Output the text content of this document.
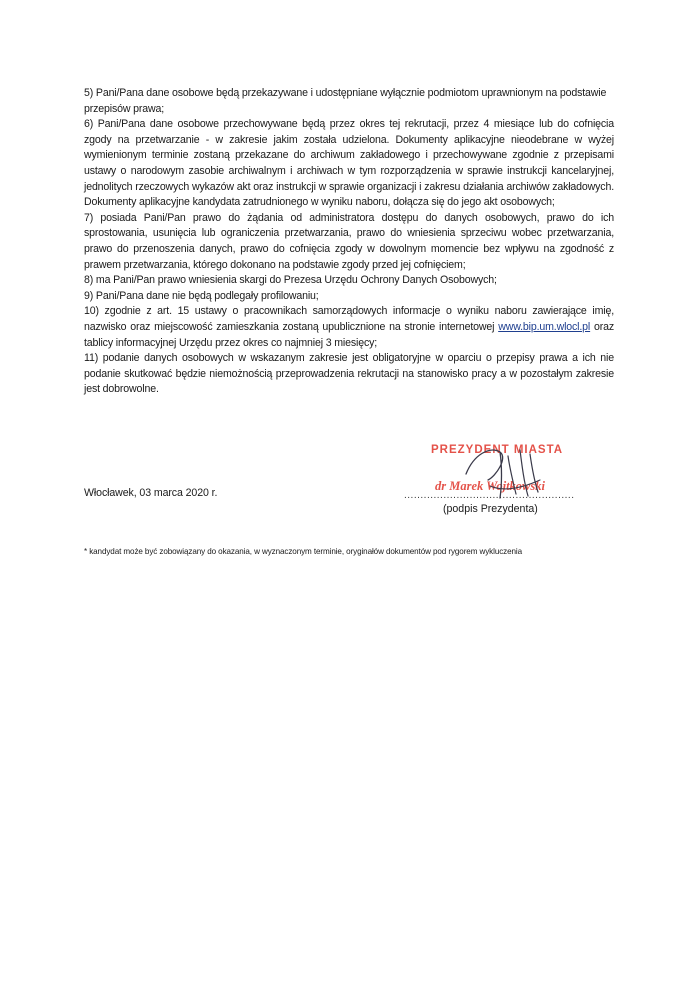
5) Pani/Pana dane osobowe będą przekazywane i udostępniane wyłącznie podmiotom uprawnionym na podstawie przepisów prawa;

6) Pani/Pana dane osobowe przechowywane będą przez okres tej rekrutacji, przez 4 miesiące lub do cofnięcia zgody na przetwarzanie - w zakresie jakim została udzielona. Dokumenty aplikacyjne nieodebrane w wyżej wymienionym terminie zostaną przekazane do archiwum zakładowego i przechowywane zgodnie z przepisami ustawy o narodowym zasobie archiwalnym i archiwach w tym rozporządzenia w sprawie instrukcji kancelaryjnej, jednolitych rzeczowych wykazów akt oraz instrukcji w sprawie organizacji i zakresu działania archiwów zakładowych. Dokumenty aplikacyjne kandydata zatrudnionego w wyniku naboru, dołącza się do jego akt osobowych;

7) posiada Pani/Pan prawo do żądania od administratora dostępu do danych osobowych, prawo do ich sprostowania, usunięcia lub ograniczenia przetwarzania, prawo do wniesienia sprzeciwu wobec przetwarzania, prawo do przenoszenia danych, prawo do cofnięcia zgody w dowolnym momencie bez wpływu na zgodność z prawem przetwarzania, którego dokonano na podstawie zgody przed jej cofnięciem;

8) ma Pani/Pan prawo wniesienia skargi do Prezesa Urzędu Ochrony Danych Osobowych;

9) Pani/Pana dane nie będą podlegały profilowaniu;

10) zgodnie z art. 15 ustawy o pracownikach samorządowych informacje o wyniku naboru zawierające imię, nazwisko oraz miejscowość zamieszkania zostaną upublicznione na stronie internetowej www.bip.um.wlocl.pl oraz tablicy informacyjnej Urzędu przez okres co najmniej 3 miesięcy;

11) podanie danych osobowych w wskazanym zakresie jest obligatoryjne w oparciu o przepisy prawa a ich nie podanie skutkować będzie niemożnością przeprowadzenia rekrutacji na stanowisko pracy a w pozostałym zakresie jest dobrowolne.

Włocławek, 03 marca 2020 r.
PREZYDENT MIASTA
dr Marek Wojtkowski
....................................................
(podpis Prezydenta)
* kandydat może być zobowiązany do okazania, w wyznaczonym terminie, oryginałów dokumentów pod rygorem wykluczenia
